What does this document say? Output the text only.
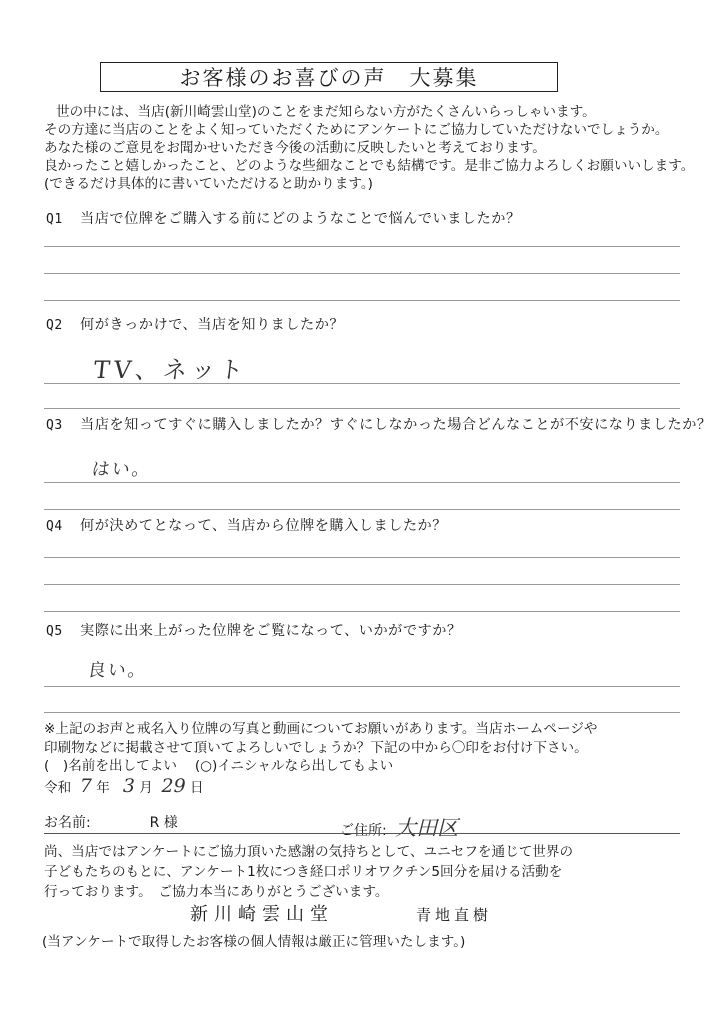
お客様のお喜びの声　大募集
世の中には、当店(新川崎雲山堂)のことをまだ知らない方がたくさんいらっしゃいます。
その方達に当店のことをよく知っていただくためにアンケートにご協力していただけないでしょうか。
あなた様のご意見をお聞かせいただき今後の活動に反映したいと考えております。
良かったこと嬉しかったこと、どのような些細なことでも結構です。是非ご協力よろしくお願いいします。
(できるだけ具体的に書いていただけると助かります。)
Q1 当店で位牌をご購入する前にどのようなことで悩んでいましたか？
Q2 何がきっかけで、当店を知りましたか？
TV、ネット
Q3 当店を知ってすぐに購入しましたか？すぐにしなかった場合どんなことが不安になりましたか？
はい。
Q4 何が決めてとなって、当店から位牌を購入しましたか？
Q5 実際に出来上がった位牌をご覧になって、いかがですか？
良い。
※上記のお声と戒名入り位牌の写真と動画についてお願いがあります。当店ホームページや
印刷物などに掲載させて頂いてよろしいでしょうか？下記の中から〇印をお付け下さい。
(　)名前を出してよい　 (○)イニシャルなら出してもよい
令和 7 年 3 月 29 日
お名前:	R 様	ご住所: 大田区
尚、当店ではアンケートにご協力頂いた感謝の気持ちとして、ユニセフを通じて世界の
子どもたちのもとに、アンケート1枚につき経口ポリオワクチン5回分を届ける活動を
行っております。　ご協力本当にありがとうございます。
新川崎雲山堂	青地直樹
(当アンケートで取得したお客様の個人情報は厳正に管理いたします。)
